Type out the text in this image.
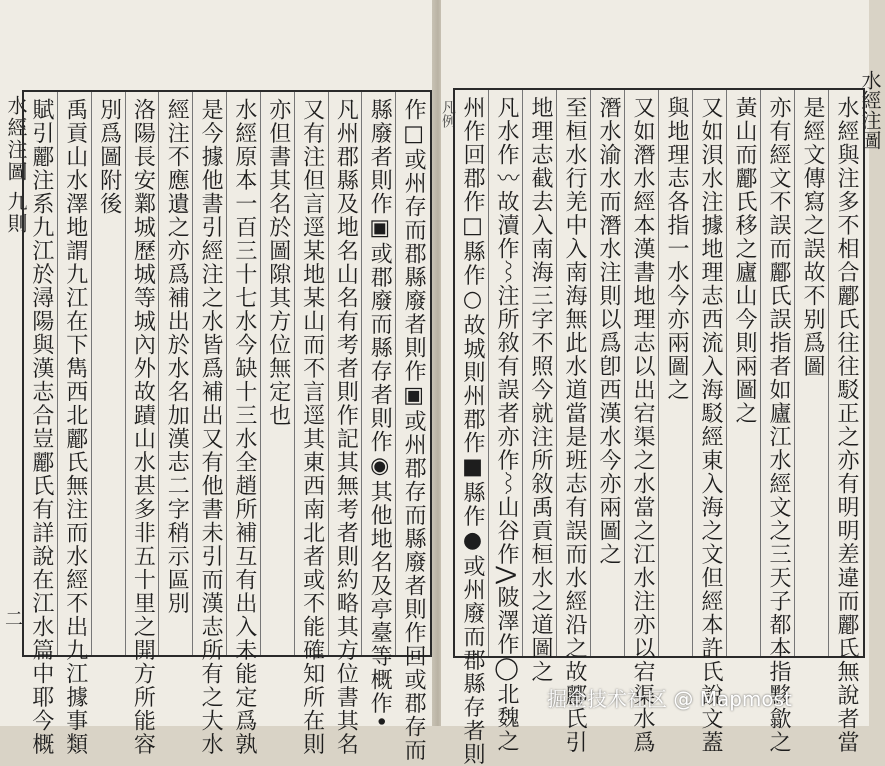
水經注圖 九則
二
水經注圖
凡例
作□或州存而郡縣廢者則作▣或州郡存而縣廢者則作回或郡存而
縣廢者則作▣或郡廢而縣存者則作◉其他地名及亭臺等概作•
凡州郡縣及地名山名有考者則作記其無考者則約略其方位書其名
又有注但言逕某地某山而不言逕其東西南北者或不能確知所在則
亦但書其名於圖隙其方位無定也
水經原本一百三十七水今缺十三水全趙所補互有出入未能定爲孰
是今據他書引經注之水皆爲補出又有他書未引而漢志所有之大水
經注不應遺之亦爲補出於水名加漢志二字稍示區別
洛陽長安鄴城歷城等城內外故蹟山水甚多非五十里之開方所能容
別爲圖附後
禹貢山水澤地謂九江在下雋西北酈氏無注而水經不出九江據事類
賦引酈注系九江於潯陽與漢志合豈酈氏有詳說在江水篇中耶今概	水經與注多不相合酈氏往往駁正之亦有明明差違而酈氏無說者當
是經文傳寫之誤故不别爲圖
亦有經文不誤而酈氏誤指者如廬江水經文之三天子都本指黟歙之
黃山而酈氏移之廬山今則兩圖之
又如浿水注據地理志西流入海駁經東入海之文但經本許氏說文蓋
與地理志各指一水今亦兩圖之
又如潛水經本漢書地理志以出宕渠之水當之江水注亦以宕渠水爲
潛水渝水而潛水注則以爲卽西漢水今亦兩圖之
至桓水行羌中入南海無此水道當是班志有誤而水經沿之故酈氏引
地理志截去入南海三字不照今就注所敘禹貢桓水之道圖之
凡水作〰故瀆作⌇注所敘有誤者亦作⌇山谷作⋀陂澤作◯北魏之
州作回郡作□縣作○故城則州郡作■縣作●或州廢而郡縣存者則	掘金技术社区 @ Mapmost
